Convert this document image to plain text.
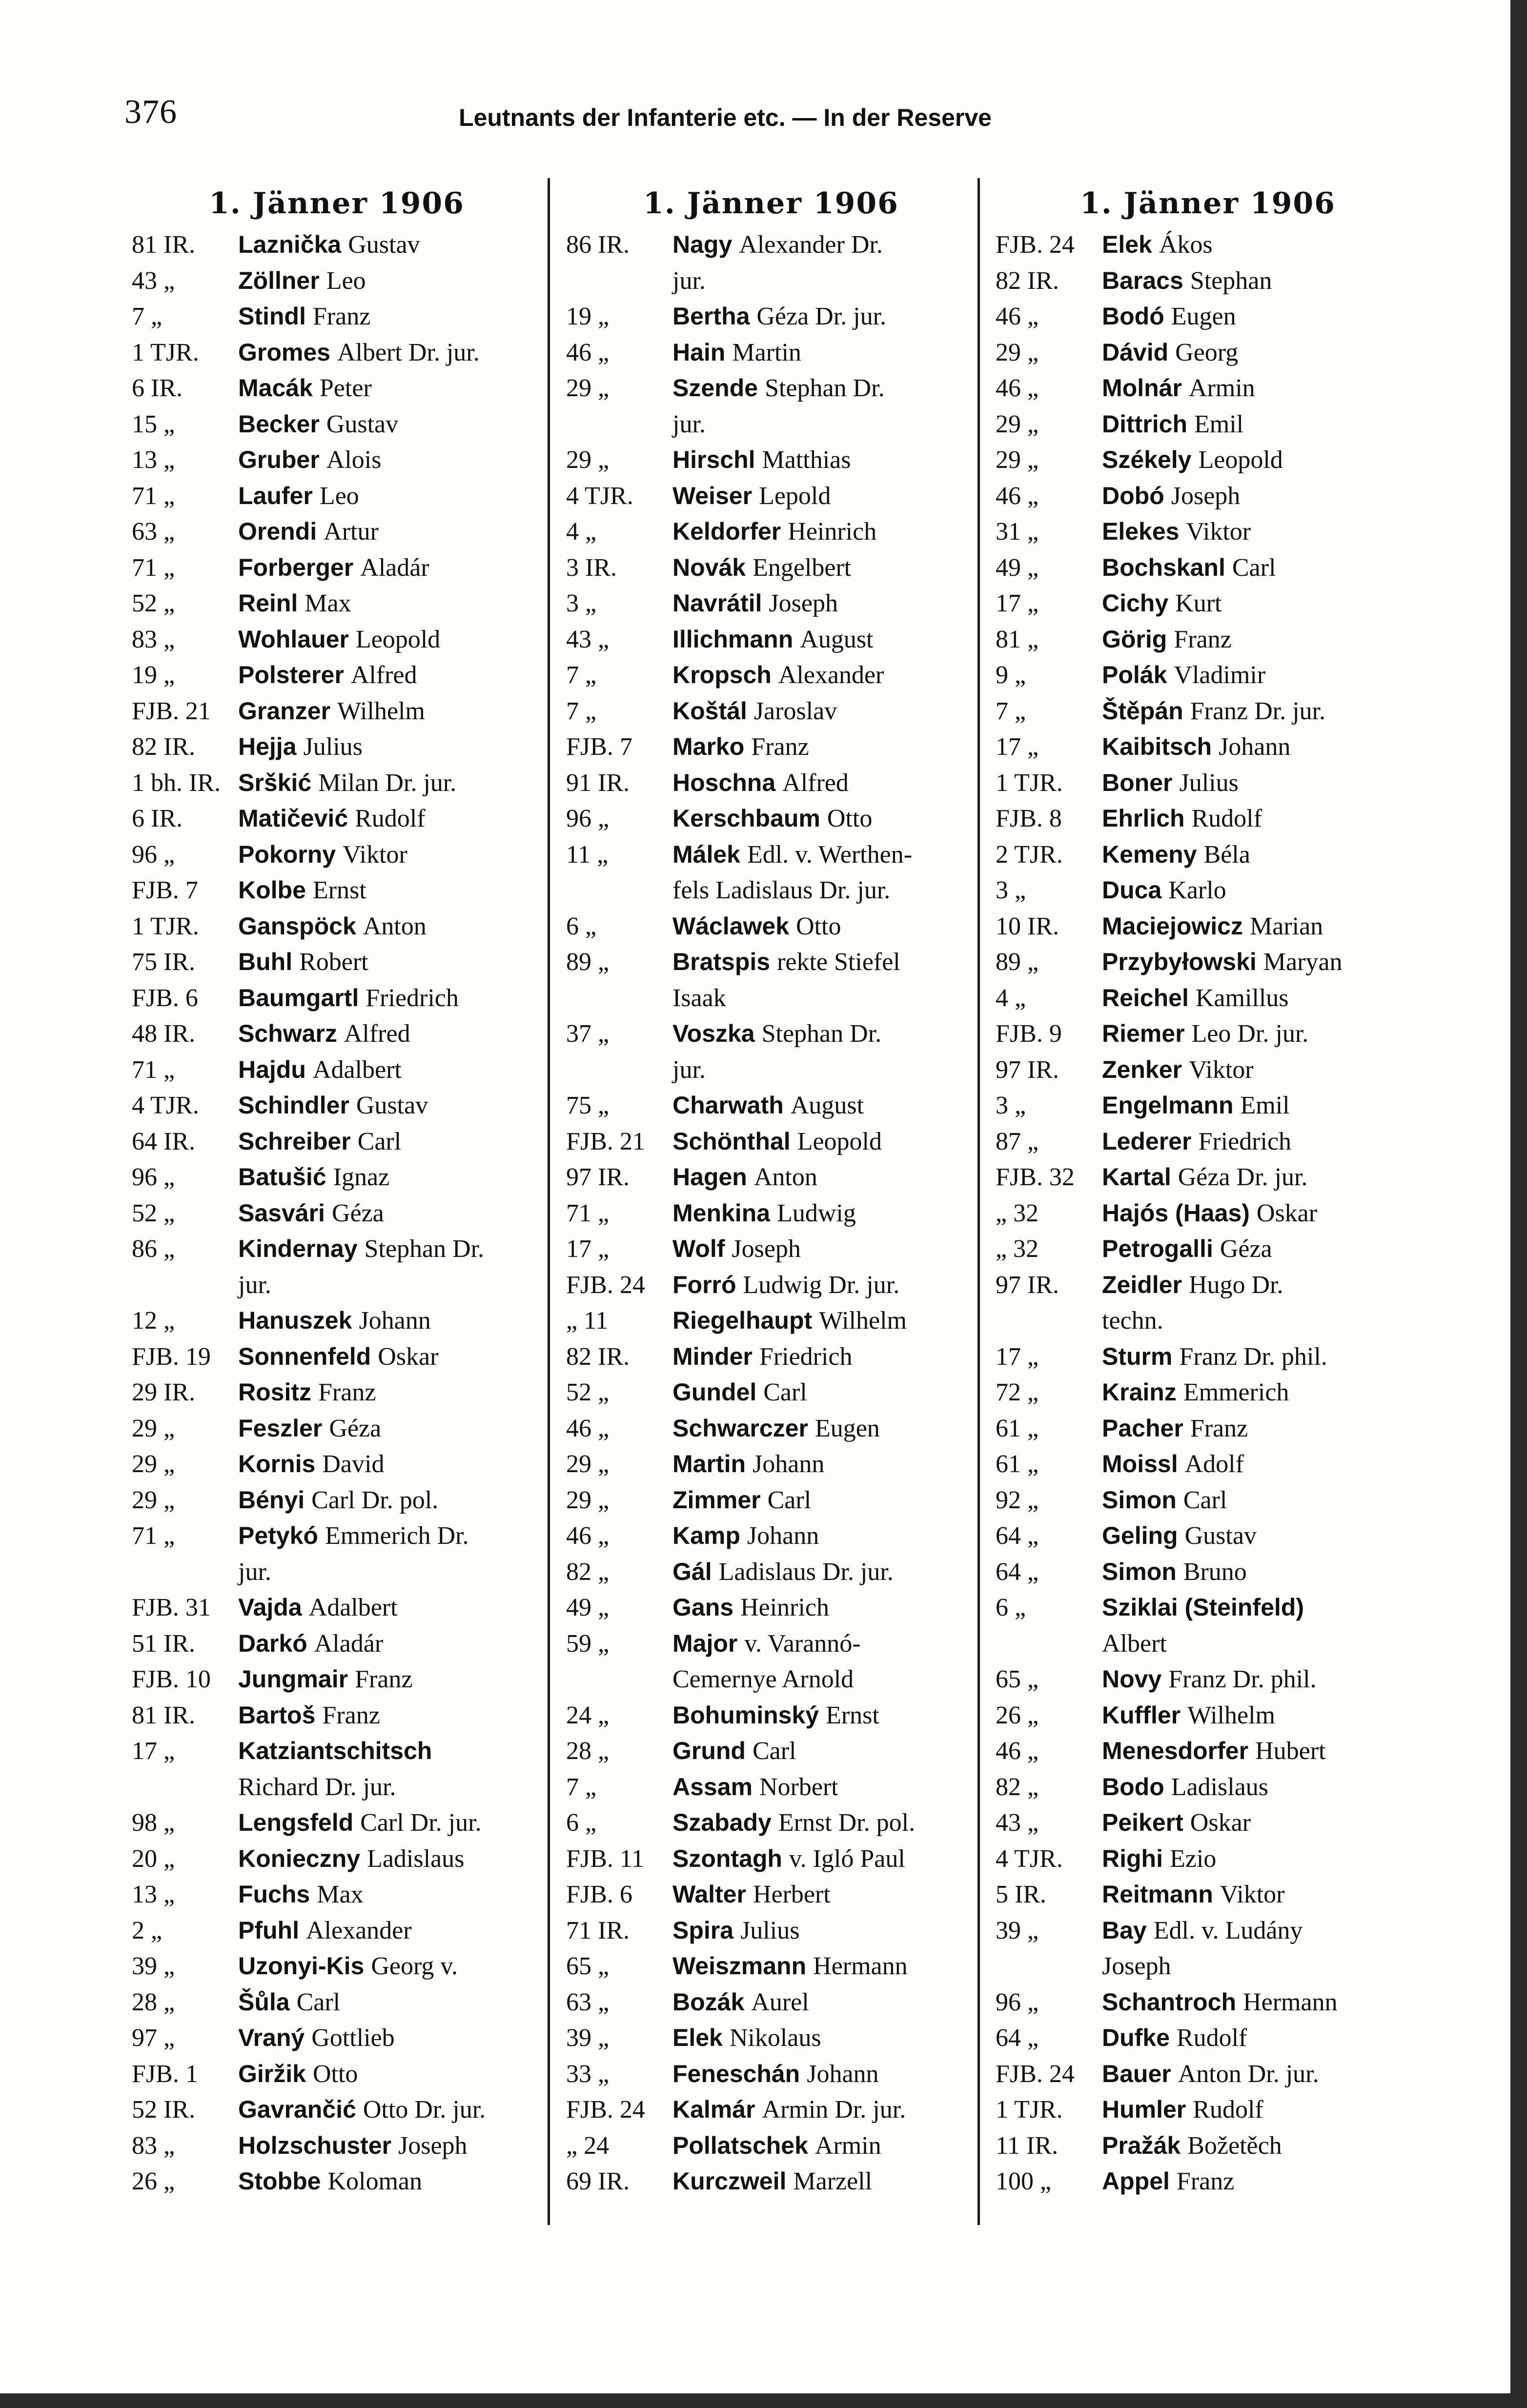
376	Leutnants der Infanterie etc. — In der Reserve
1. Jänner 1906
81 IR.	Laznička Gustav
43 „	Zöllner Leo
7 „	Stindl Franz
1 TJR.	Gromes Albert Dr. jur.
6 IR.	Macák Peter
15 „	Becker Gustav
13 „	Gruber Alois
71 „	Laufer Leo
63 „	Orendi Artur
71 „	Forberger Aladár
52 „	Reinl Max
83 „	Wohlauer Leopold
19 „	Polsterer Alfred
FJB. 21	Granzer Wilhelm
82 IR.	Hejja Julius
1 bh. IR. Srškić Milan Dr. jur.
6 IR.	Matičević Rudolf
96 „	Pokorny Viktor
FJB. 7	Kolbe Ernst
1 TJR.	Ganspöck Anton
75 IR.	Buhl Robert
FJB. 6	Baumgartl Friedrich
48 IR.	Schwarz Alfred
71 „	Hajdu Adalbert
4 TJR.	Schindler Gustav
64 IR.	Schreiber Carl
96 „	Batušić Ignaz
52 „	Sasvári Géza
86 „	Kindernay Stephan Dr.
jur.
12 „	Hanuszek Johann
FJB. 19	Sonnenfeld Oskar
29 IR.	Rositz Franz
29 „	Feszler Géza
29 „	Kornis David
29 „	Bényi Carl Dr. pol.
71 „	Petykó Emmerich Dr.
jur.
FJB. 31	Vajda Adalbert
51 IR.	Darkó Aladár
FJB. 10	Jungmair Franz
81 IR.	Bartoš Franz
17 „	Katziantschitsch
Richard Dr. jur.
98 „	Lengsfeld Carl Dr. jur.
20 „	Konieczny Ladislaus
13 „	Fuchs Max
2 „	Pfuhl Alexander
39 „	Uzonyi-Kis Georg v.
28 „	Šůla Carl
97 „	Vraný Gottlieb
FJB. 1	Giržik Otto
52 IR.	Gavrančić Otto Dr. jur.
83 „	Holzschuster Joseph
26 „	Stobbe Koloman
1. Jänner 1906
86 IR.	Nagy Alexander Dr.
jur.
19 „	Bertha Géza Dr. jur.
46 „	Hain Martin
29 „	Szende Stephan Dr.
jur.
29 „	Hirschl Matthias
4 TJR.	Weiser Lepold
4 „	Keldorfer Heinrich
3 IR.	Novák Engelbert
3 „	Navrátil Joseph
43 „	Illichmann August
7 „	Kropsch Alexander
7 „	Koštál Jaroslav
FJB. 7	Marko Franz
91 IR.	Hoschna Alfred
96 „	Kerschbaum Otto
11 „	Málek Edl. v. Werthen-
fels Ladislaus Dr. jur.
6 „	Wáclawek Otto
89 „	Bratspis rekte Stiefel
Isaak
37 „	Voszka Stephan Dr.
jur.
75 „	Charwath August
FJB. 21	Schönthal Leopold
97 IR.	Hagen Anton
71 „	Menkina Ludwig
17 „	Wolf Joseph
FJB. 24	Forró Ludwig Dr. jur.
„ 11	Riegelhaupt Wilhelm
82 IR.	Minder Friedrich
52 „	Gundel Carl
46 „	Schwarczer Eugen
29 „	Martin Johann
29 „	Zimmer Carl
46 „	Kamp Johann
82 „	Gál Ladislaus Dr. jur.
49 „	Gans Heinrich
59 „	Major v. Varannó-
Cemernye Arnold
24 „	Bohuminský Ernst
28 „	Grund Carl
7 „	Assam Norbert
6 „	Szabady Ernst Dr. pol.
FJB. 11	Szontagh v. Igló Paul
FJB. 6	Walter Herbert
71 IR.	Spira Julius
65 „	Weiszmann Hermann
63 „	Bozák Aurel
39 „	Elek Nikolaus
33 „	Feneschán Johann
FJB. 24	Kalmár Armin Dr. jur.
„ 24	Pollatschek Armin
69 IR.	Kurczweil Marzell
1. Jänner 1906
FJB. 24	Elek Ákos
82 IR.	Baracs Stephan
46 „	Bodó Eugen
29 „	Dávid Georg
46 „	Molnár Armin
29 „	Dittrich Emil
29 „	Székely Leopold
46 „	Dobó Joseph
31 „	Elekes Viktor
49 „	Bochskanl Carl
17 „	Cichy Kurt
81 „	Görig Franz
9 „	Polák Vladimir
7 „	Štěpán Franz Dr. jur.
17 „	Kaibitsch Johann
1 TJR.	Boner Julius
FJB. 8	Ehrlich Rudolf
2 TJR.	Kemeny Béla
3 „	Duca Karlo
10 IR.	Maciejowicz Marian
89 „	Przybyłowski Maryan
4 „	Reichel Kamillus
FJB. 9	Riemer Leo Dr. jur.
97 IR.	Zenker Viktor
3 „	Engelmann Emil
87 „	Lederer Friedrich
FJB. 32	Kartal Géza Dr. jur.
„ 32	Hajós (Haas) Oskar
„ 32	Petrogalli Géza
97 IR.	Zeidler Hugo Dr.
techn.
17 „	Sturm Franz Dr. phil.
72 „	Krainz Emmerich
61 „	Pacher Franz
61 „	Moissl Adolf
92 „	Simon Carl
64 „	Geling Gustav
64 „	Simon Bruno
6 „	Sziklai (Steinfeld)
Albert
65 „	Novy Franz Dr. phil.
26 „	Kuffler Wilhelm
46 „	Menesdorfer Hubert
82 „	Bodo Ladislaus
43 „	Peikert Oskar
4 TJR.	Righi Ezio
5 IR.	Reitmann Viktor
39 „	Bay Edl. v. Ludány
Joseph
96 „	Schantroch Hermann
64 „	Dufke Rudolf
FJB. 24	Bauer Anton Dr. jur.
1 TJR.	Humler Rudolf
11 IR.	Pražák Božetěch
100 „	Appel Franz
